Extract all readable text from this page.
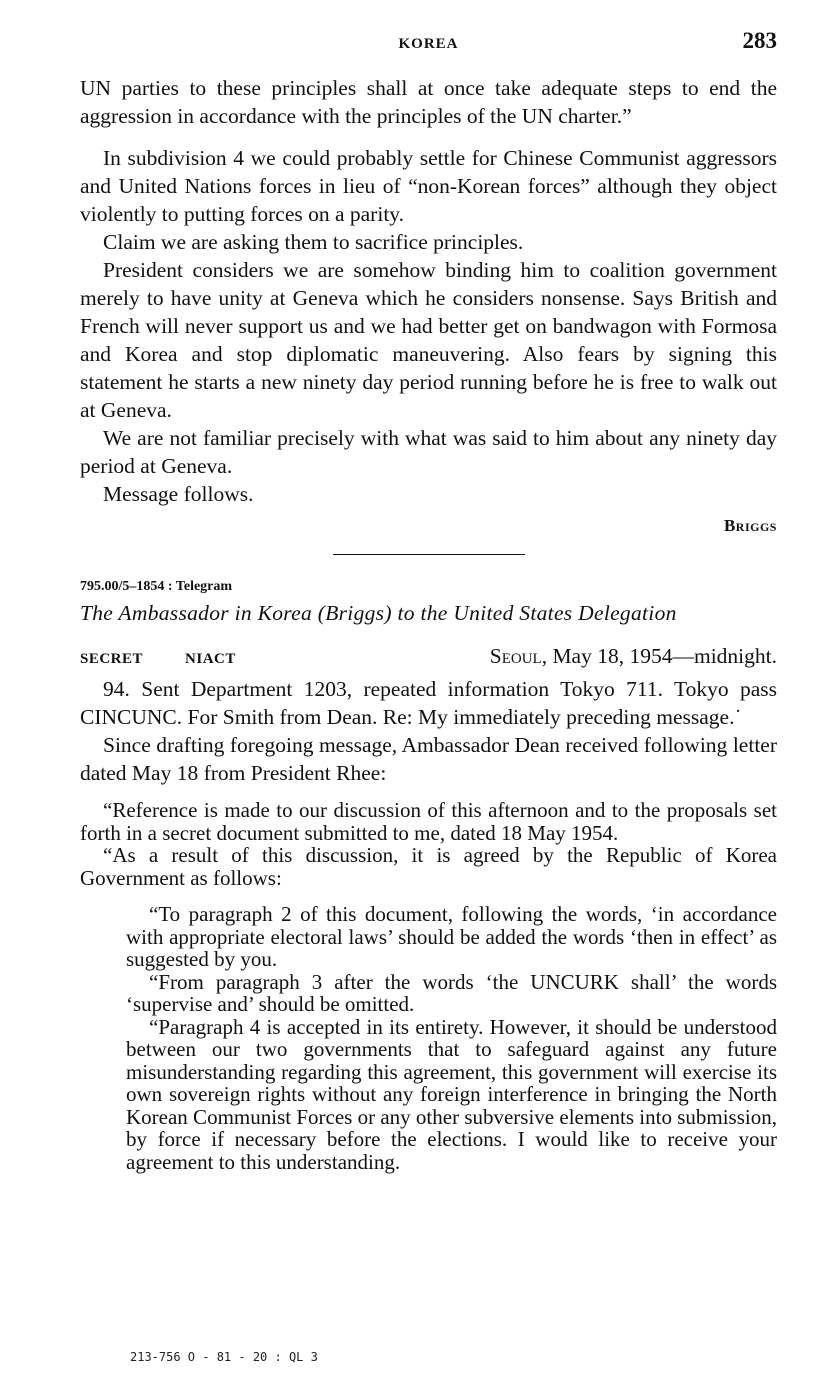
KOREA	283

UN parties to these principles shall at once take adequate steps to end the aggression in accordance with the principles of the UN charter.”

In subdivision 4 we could probably settle for Chinese Communist aggressors and United Nations forces in lieu of “non-Korean forces” although they object violently to putting forces on a parity.

Claim we are asking them to sacrifice principles.

President considers we are somehow binding him to coalition government merely to have unity at Geneva which he considers nonsense. Says British and French will never support us and we had better get on bandwagon with Formosa and Korea and stop diplomatic maneuvering. Also fears by signing this statement he starts a new ninety day period running before he is free to walk out at Geneva.

We are not familiar precisely with what was said to him about any ninety day period at Geneva.

Message follows.

Briggs
795.00/5–1854 : Telegram
The Ambassador in Korea (Briggs) to the United States Delegation
SECRET	NIACT	Seoul, May 18, 1954—midnight.

94. Sent Department 1203, repeated information Tokyo 711. Tokyo pass CINCUNC. For Smith from Dean. Re: My immediately preceding message.˙

Since drafting foregoing message, Ambassador Dean received following letter dated May 18 from President Rhee:

“Reference is made to our discussion of this afternoon and to the proposals set forth in a secret document submitted to me, dated 18 May 1954.

“As a result of this discussion, it is agreed by the Republic of Korea Government as follows:

“To paragraph 2 of this document, following the words, ‘in accordance with appropriate electoral laws’ should be added the words ‘then in effect’ as suggested by you.

“From paragraph 3 after the words ‘the UNCURK shall’ the words ‘supervise and’ should be omitted.

“Paragraph 4 is accepted in its entirety. However, it should be understood between our two governments that to safeguard against any future misunderstanding regarding this agreement, this government will exercise its own sovereign rights without any foreign interference in bringing the North Korean Communist Forces or any other subversive elements into submission, by force if necessary before the elections. I would like to receive your agreement to this understanding.

213-756 O - 81 - 20 : QL 3
